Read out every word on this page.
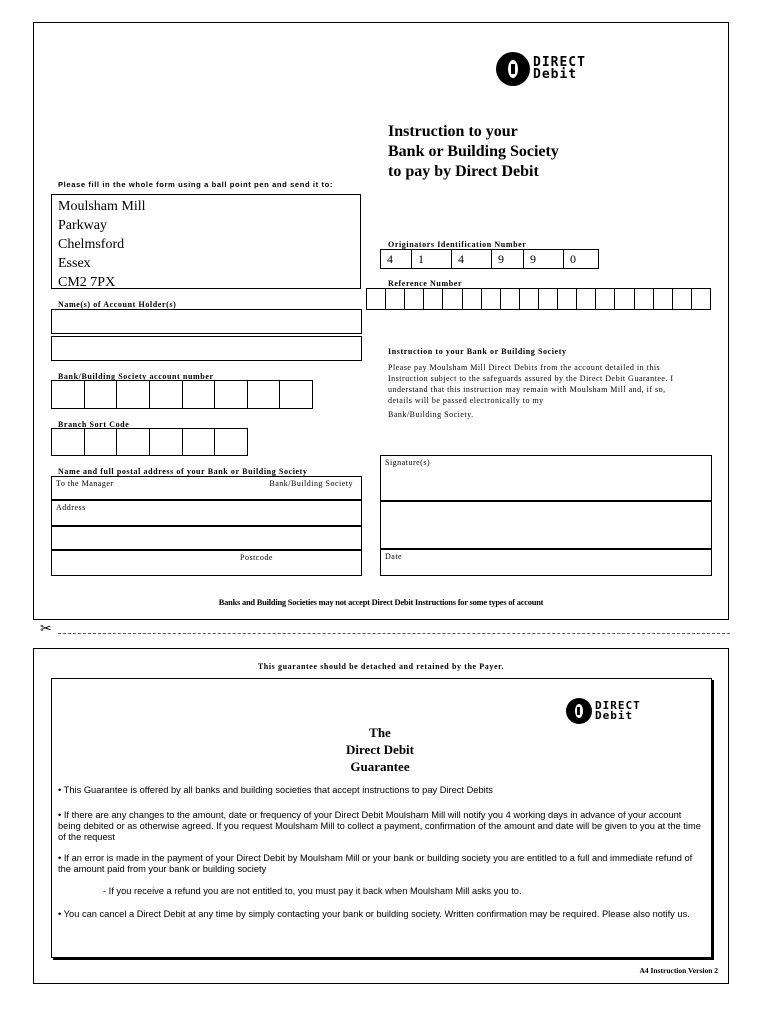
DIRECT
Debit
Instruction to your
Bank or Building Society
to pay by Direct Debit
Please fill in the whole form using a ball point pen and send it to:
Moulsham Mill
Parkway
Chelmsford
Essex
CM2 7PX
Originators Identification Number
4	1	4	9	9	0
Reference Number
Name(s) of Account Holder(s)
Bank/Building Society account number
Branch Sort Code
Instruction to your Bank or Building Society
Please pay Moulsham Mill Direct Debits from the account detailed in this Instruction subject to the safeguards assured by the Direct Debit Guarantee. I understand that this instruction may remain with Moulsham Mill and, if so, details will be passed electronically to my
Bank/Building Society.
Name and full postal address of your Bank or Building Society
To the Manager	Bank/Building Society
Address
Postcode
Signature(s)
Date
Banks and Building Societies may not accept Direct Debit Instructions for some types of account
✂
This guarantee should be detached and retained by the Payer.
DIRECT
Debit
The
Direct Debit
Guarantee
• This Guarantee is offered by all banks and building societies that accept instructions to pay Direct Debits
• If there are any changes to the amount, date or frequency of your Direct Debit Moulsham Mill will notify you 4 working days in advance of your account being debited or as otherwise agreed. If you request Moulsham Mill to collect a payment, confirmation of the amount and date will be given to you at the time of the request
• If an error is made in the payment of your Direct Debit by Moulsham Mill or your bank or building society you are entitled to a full and immediate refund of the amount paid from your bank or building society
- If you receive a refund you are not entitled to, you must pay it back when Moulsham Mill asks you to.
• You can cancel a Direct Debit at any time by simply contacting your bank or building society. Written confirmation may be required. Please also notify us.
A4 Instruction Version 2
